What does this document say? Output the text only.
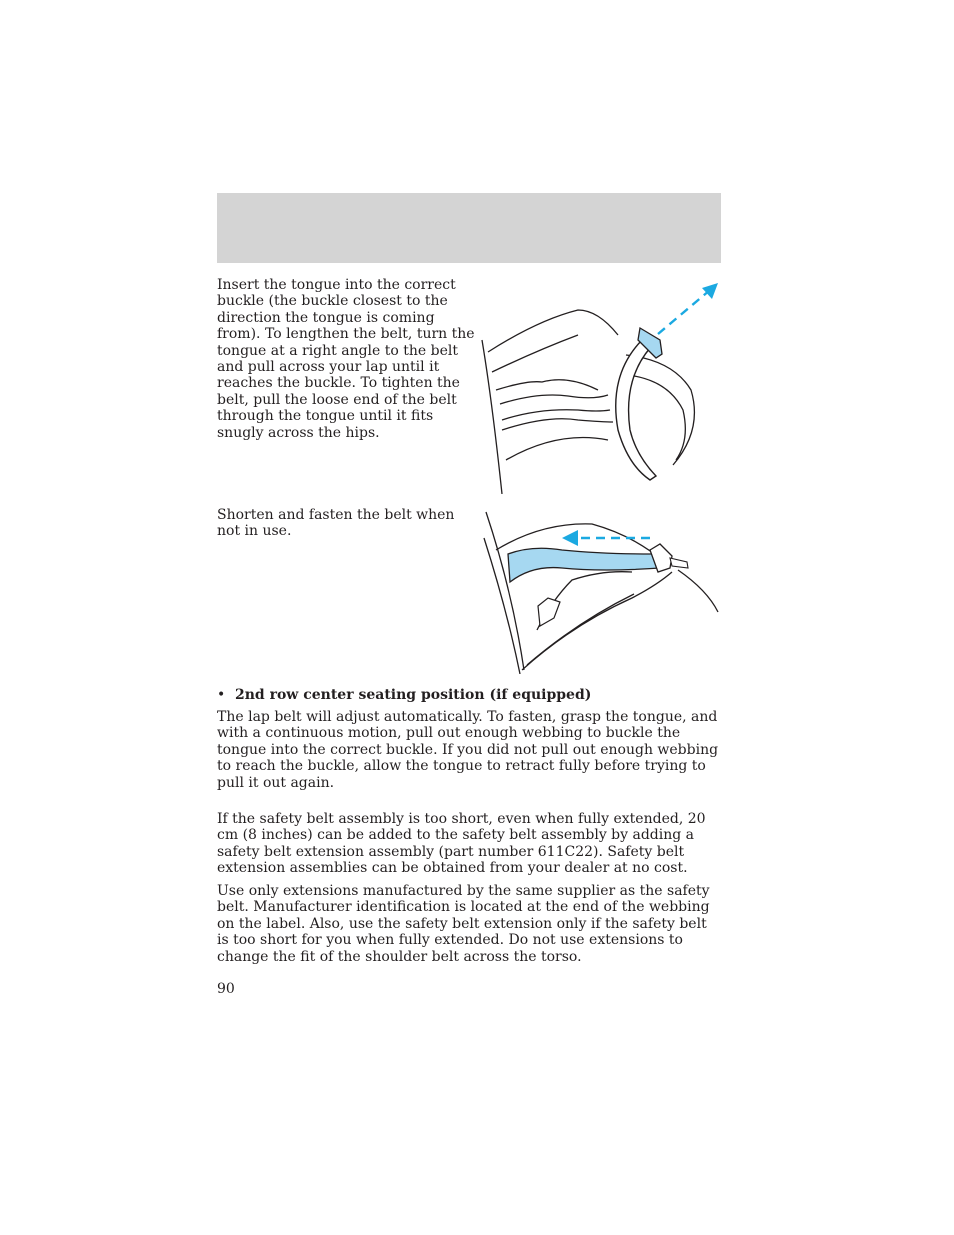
Insert the tongue into the correct buckle (the buckle closest to the direction the tongue is coming from). To lengthen the belt, turn the tongue at a right angle to the belt and pull across your lap until it reaches the buckle. To tighten the belt, pull the loose end of the belt through the tongue until it fits snugly across the hips.

Shorten and fasten the belt when not in use.

• 2nd row center seating position (if equipped)

The lap belt will adjust automatically. To fasten, grasp the tongue, and with a continuous motion, pull out enough webbing to buckle the tongue into the correct buckle. If you did not pull out enough webbing to reach the buckle, allow the tongue to retract fully before trying to pull it out again.

If the safety belt assembly is too short, even when fully extended, 20 cm (8 inches) can be added to the safety belt assembly by adding a safety belt extension assembly (part number 611C22). Safety belt extension assemblies can be obtained from your dealer at no cost.

Use only extensions manufactured by the same supplier as the safety belt. Manufacturer identification is located at the end of the webbing on the label. Also, use the safety belt extension only if the safety belt is too short for you when fully extended. Do not use extensions to change the fit of the shoulder belt across the torso.

90
